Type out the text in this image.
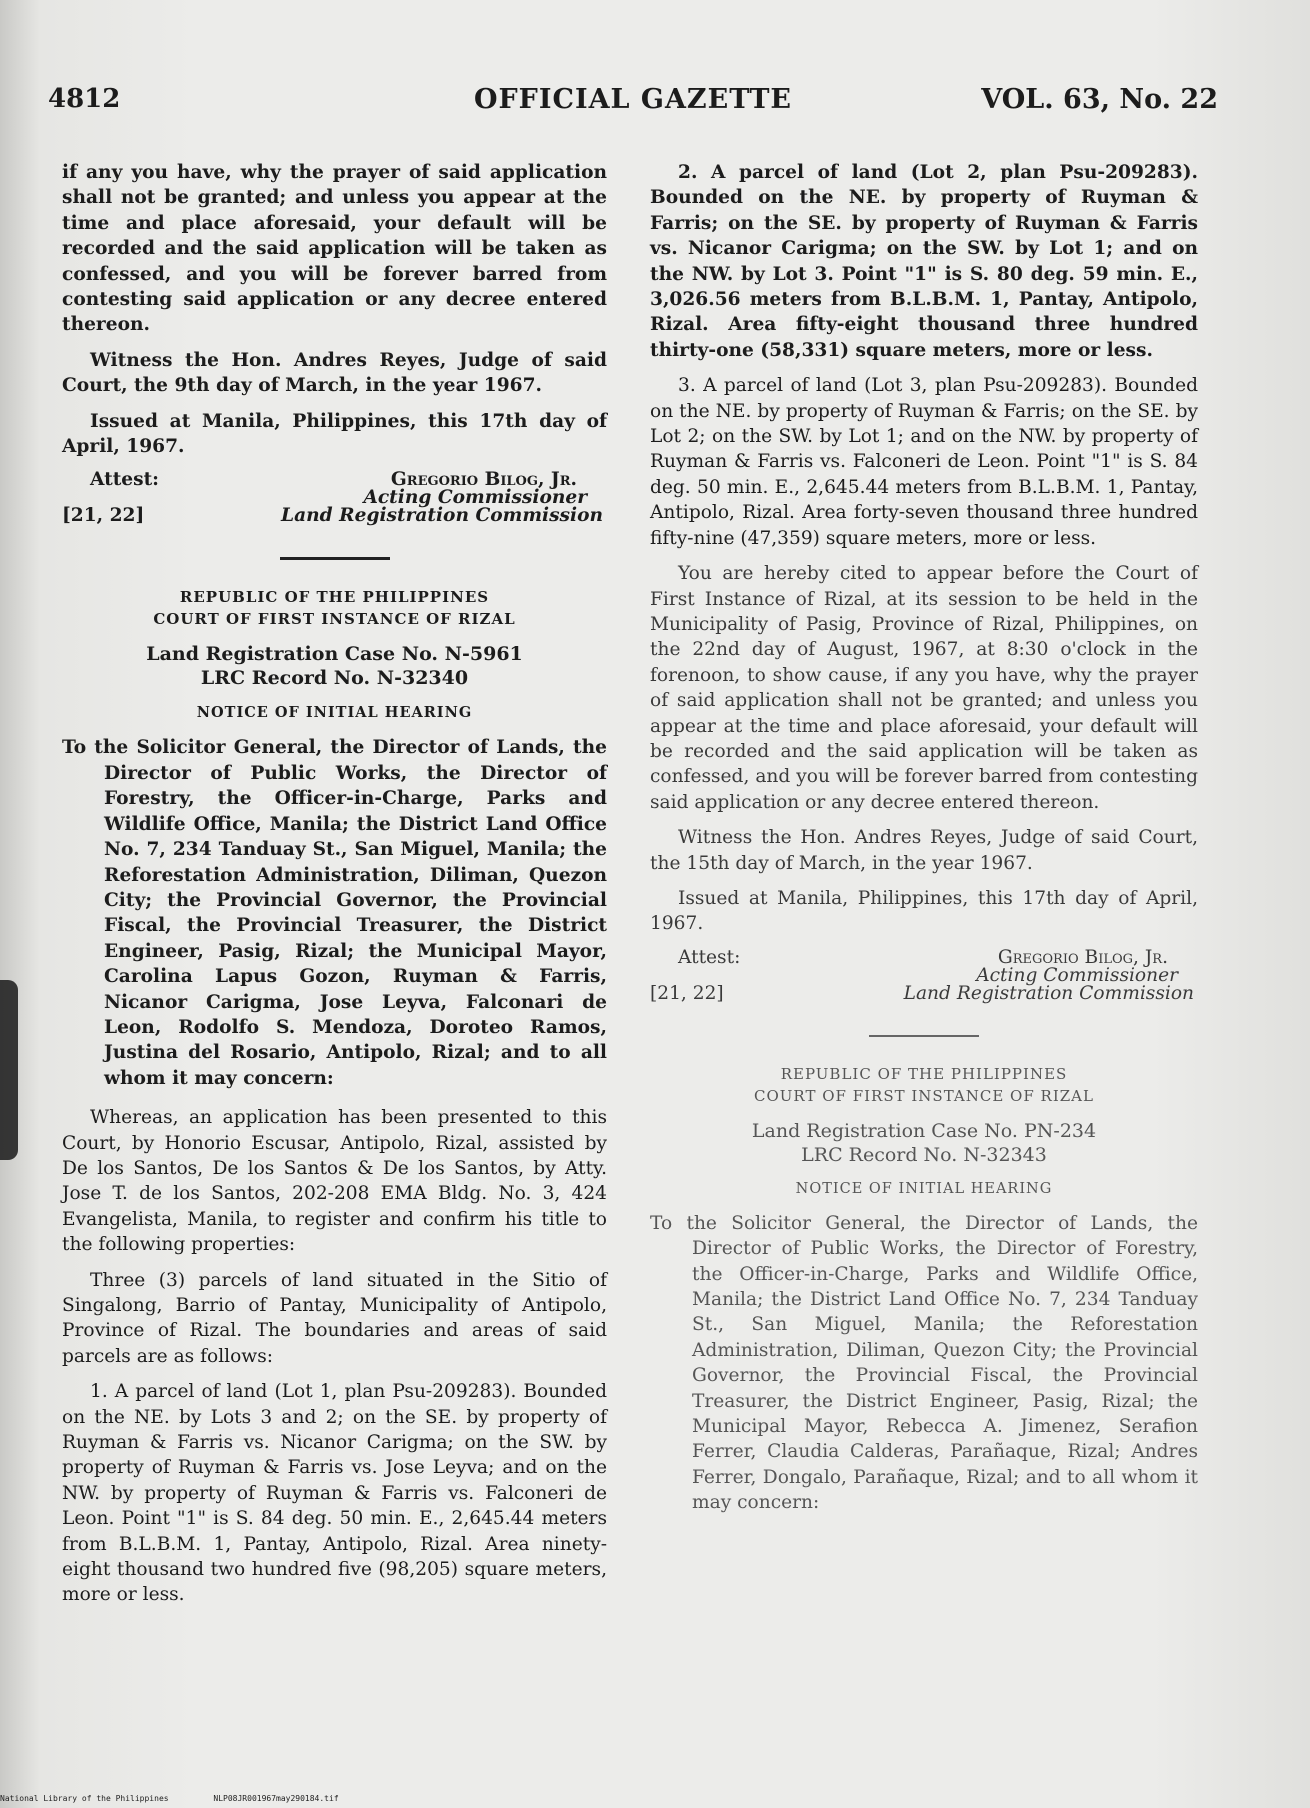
4812	OFFICIAL GAZETTE	VOL. 63, No. 22

if any you have, why the prayer of said application shall not be granted; and unless you appear at the time and place aforesaid, your default will be recorded and the said application will be taken as confessed, and you will be forever barred from contesting said application or any decree entered thereon.

Witness the Hon. Andres Reyes, Judge of said Court, the 9th day of March, in the year 1967.

Issued at Manila, Philippines, this 17th day of April, 1967.

Attest:
[21, 22]
Gregorio Bilog, Jr.
Acting Commissioner
Land Registration Commission
REPUBLIC OF THE PHILIPPINES
COURT OF FIRST INSTANCE OF RIZAL
Land Registration Case No. N-5961
LRC Record No. N-32340
NOTICE OF INITIAL HEARING

To the Solicitor General, the Director of Lands, the Director of Public Works, the Director of Forestry, the Officer-in-Charge, Parks and Wildlife Office, Manila; the District Land Office No. 7, 234 Tanduay St., San Miguel, Manila; the Reforestation Administration, Diliman, Quezon City; the Provincial Governor, the Provincial Fiscal, the Provincial Treasurer, the District Engineer, Pasig, Rizal; the Municipal Mayor, Carolina Lapus Gozon, Ruyman & Farris, Nicanor Carigma, Jose Leyva, Falconari de Leon, Rodolfo S. Mendoza, Doroteo Ramos, Justina del Rosario, Antipolo, Rizal; and to all whom it may concern:

Whereas, an application has been presented to this Court, by Honorio Escusar, Antipolo, Rizal, assisted by De los Santos, De los Santos & De los Santos, by Atty. Jose T. de los Santos, 202-208 EMA Bldg. No. 3, 424 Evangelista, Manila, to register and confirm his title to the following properties:

Three (3) parcels of land situated in the Sitio of Singalong, Barrio of Pantay, Municipality of Antipolo, Province of Rizal. The boundaries and areas of said parcels are as follows:

1. A parcel of land (Lot 1, plan Psu-209283). Bounded on the NE. by Lots 3 and 2; on the SE. by property of Ruyman & Farris vs. Nicanor Carigma; on the SW. by property of Ruyman & Farris vs. Jose Leyva; and on the NW. by property of Ruyman & Farris vs. Falconeri de Leon. Point "1" is S. 84 deg. 50 min. E., 2,645.44 meters from B.L.B.M. 1, Pantay, Antipolo, Rizal. Area ninety-eight thousand two hundred five (98,205) square meters, more or less.

2. A parcel of land (Lot 2, plan Psu-209283). Bounded on the NE. by property of Ruyman & Farris; on the SE. by property of Ruyman & Farris vs. Nicanor Carigma; on the SW. by Lot 1; and on the NW. by Lot 3. Point "1" is S. 80 deg. 59 min. E., 3,026.56 meters from B.L.B.M. 1, Pantay, Antipolo, Rizal. Area fifty-eight thousand three hundred thirty-one (58,331) square meters, more or less.

3. A parcel of land (Lot 3, plan Psu-209283). Bounded on the NE. by property of Ruyman & Farris; on the SE. by Lot 2; on the SW. by Lot 1; and on the NW. by property of Ruyman & Farris vs. Falconeri de Leon. Point "1" is S. 84 deg. 50 min. E., 2,645.44 meters from B.L.B.M. 1, Pantay, Antipolo, Rizal. Area forty-seven thousand three hundred fifty-nine (47,359) square meters, more or less.

You are hereby cited to appear before the Court of First Instance of Rizal, at its session to be held in the Municipality of Pasig, Province of Rizal, Philippines, on the 22nd day of August, 1967, at 8:30 o'clock in the forenoon, to show cause, if any you have, why the prayer of said application shall not be granted; and unless you appear at the time and place aforesaid, your default will be recorded and the said application will be taken as confessed, and you will be forever barred from contesting said application or any decree entered thereon.

Witness the Hon. Andres Reyes, Judge of said Court, the 15th day of March, in the year 1967.

Issued at Manila, Philippines, this 17th day of April, 1967.

Attest:
[21, 22]
Gregorio Bilog, Jr.
Acting Commissioner
Land Registration Commission
REPUBLIC OF THE PHILIPPINES
COURT OF FIRST INSTANCE OF RIZAL
Land Registration Case No. PN-234
LRC Record No. N-32343
NOTICE OF INITIAL HEARING

To the Solicitor General, the Director of Lands, the Director of Public Works, the Director of Forestry, the Officer-in-Charge, Parks and Wildlife Office, Manila; the District Land Office No. 7, 234 Tanduay St., San Miguel, Manila; the Reforestation Administration, Diliman, Quezon City; the Provincial Governor, the Provincial Fiscal, the Provincial Treasurer, the District Engineer, Pasig, Rizal; the Municipal Mayor, Rebecca A. Jimenez, Serafion Ferrer, Claudia Calderas, Parañaque, Rizal; Andres Ferrer, Dongalo, Parañaque, Rizal; and to all whom it may concern:

National Library of the Philippines	NLP08JR001967may290184.tif
